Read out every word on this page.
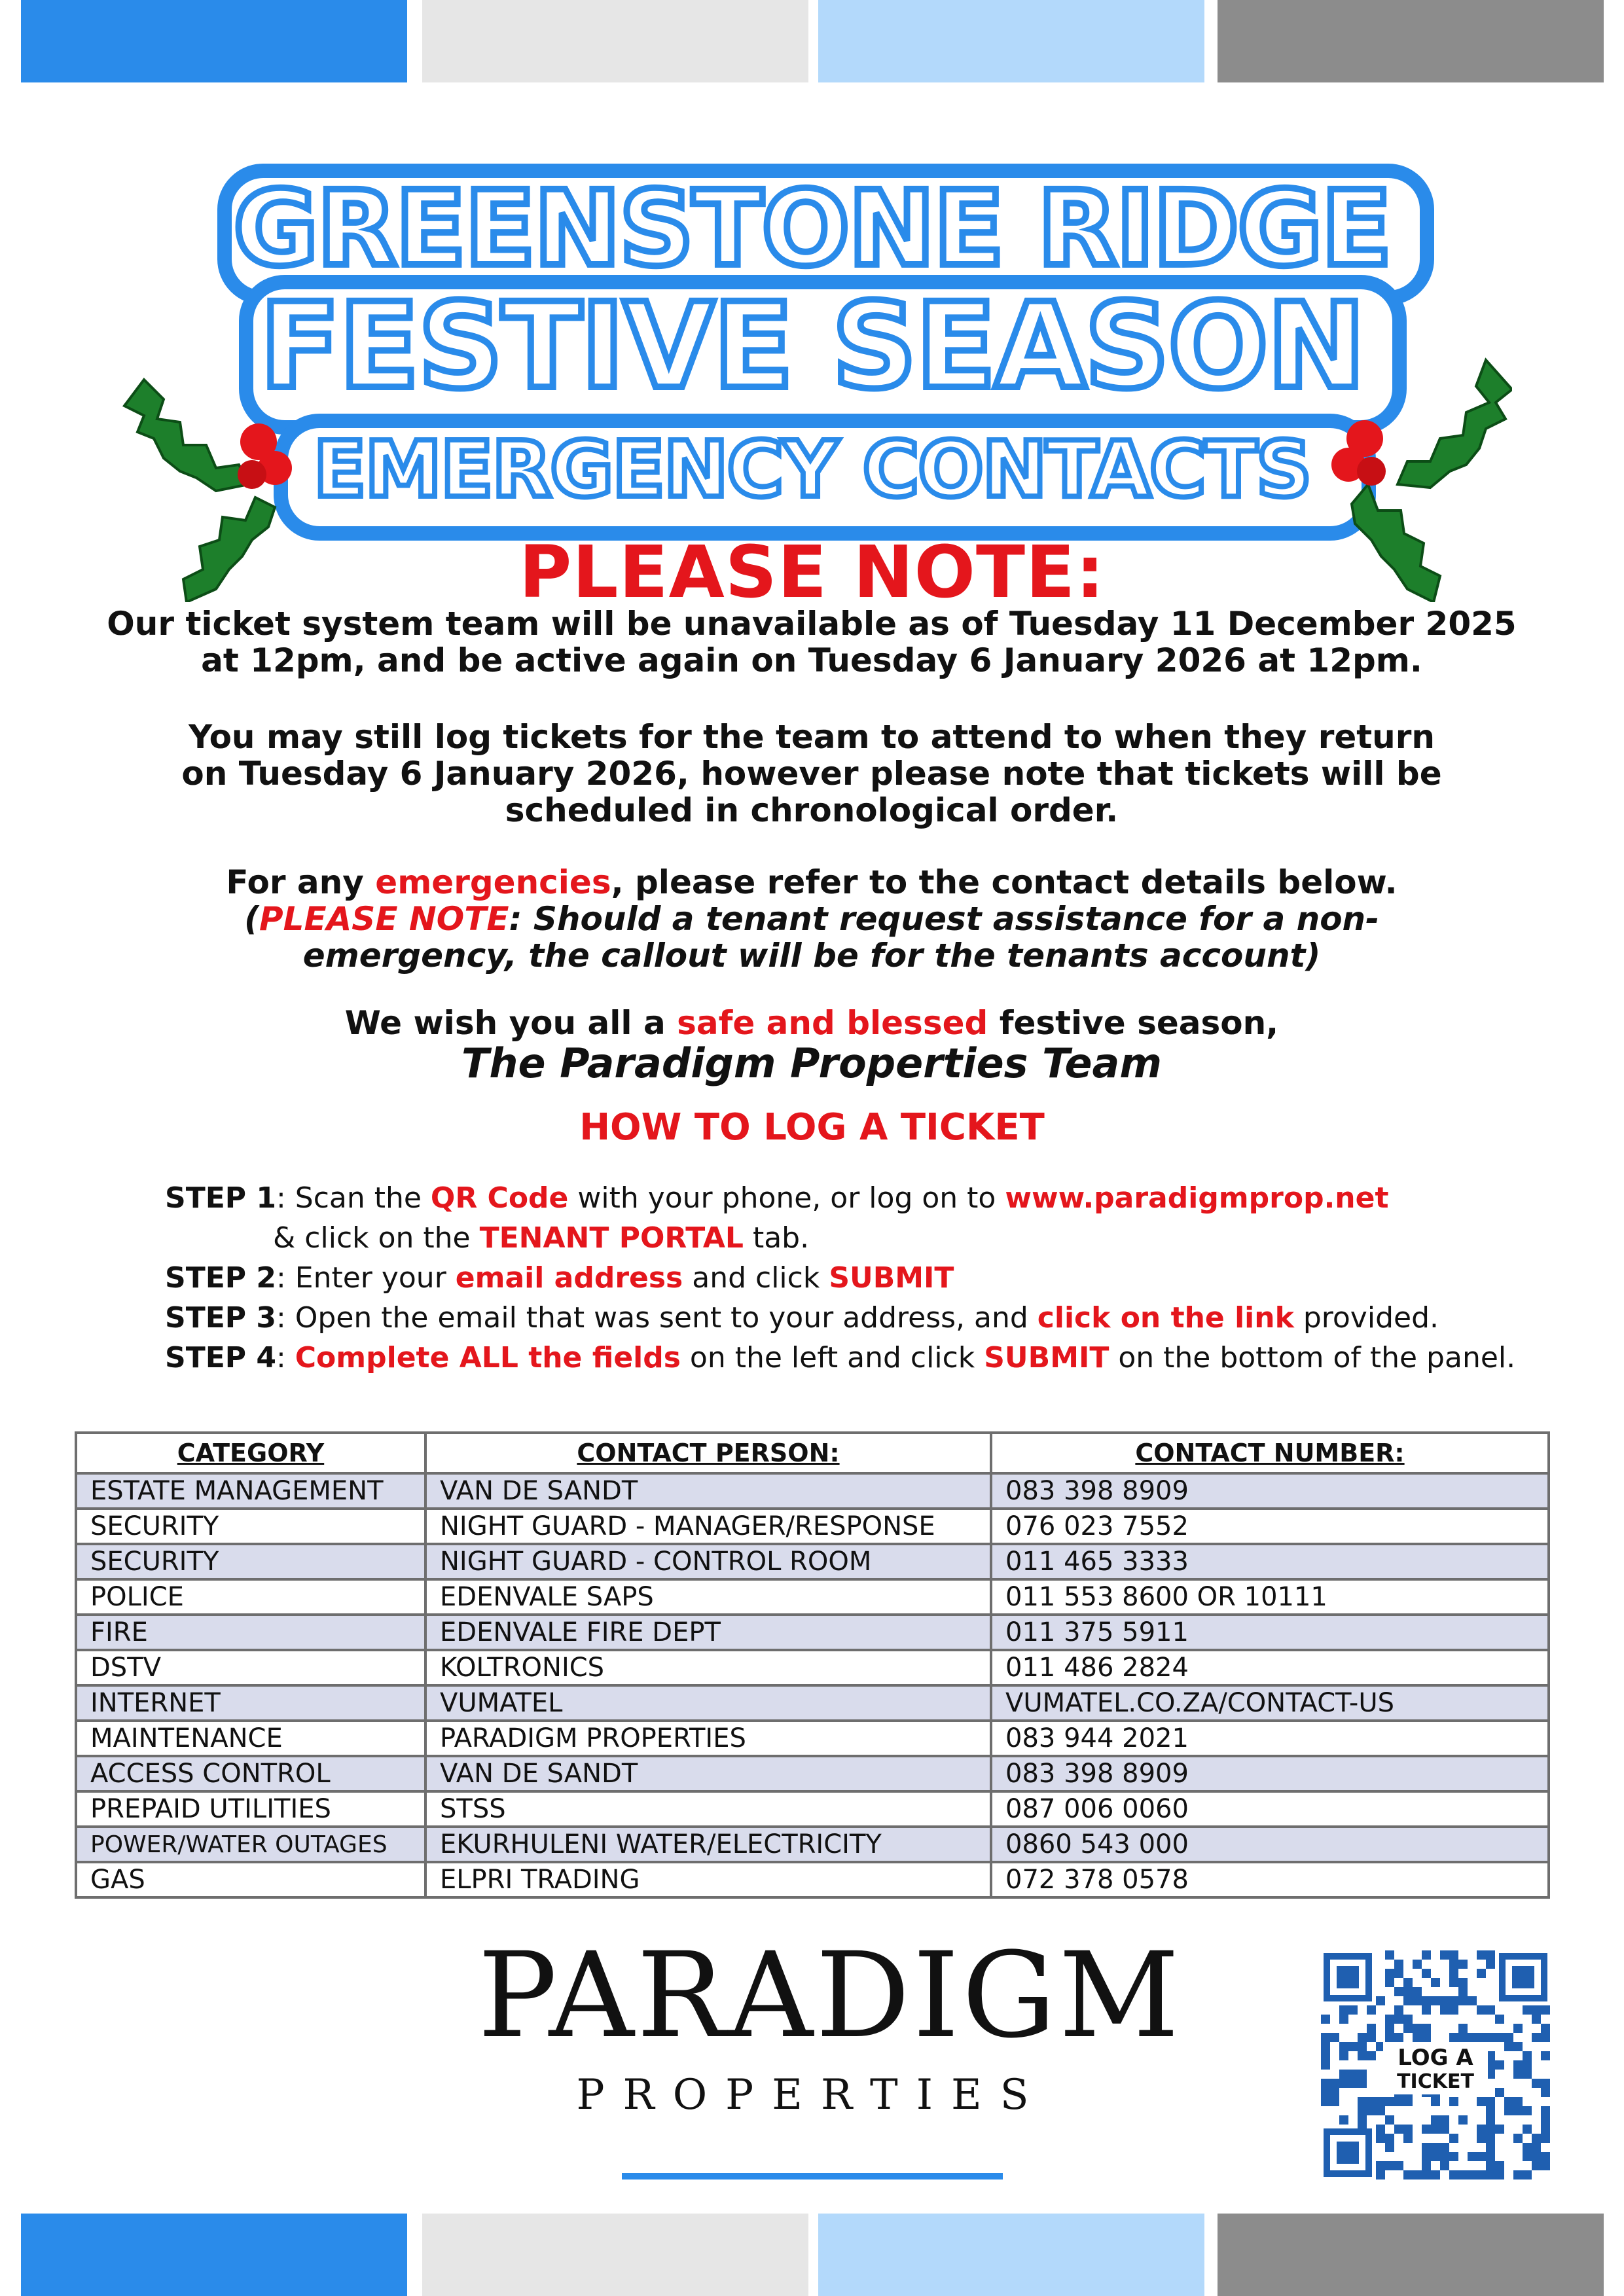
GREENSTONE RIDGE
FESTIVE SEASON
EMERGENCY CONTACTS
PLEASE NOTE:
Our ticket system team will be unavailable as of Tuesday 11 December 2025 at 12pm, and be active again on Tuesday 6 January 2026 at 12pm.
You may still log tickets for the team to attend to when they return on Tuesday 6 January 2026, however please note that tickets will be scheduled in chronological order.
For any emergencies, please refer to the contact details below.
(PLEASE NOTE: Should a tenant request assistance for a non-emergency, the callout will be for the tenants account)
We wish you all a safe and blessed festive season,
The Paradigm Properties Team
HOW TO LOG A TICKET
STEP 1: Scan the QR Code with your phone, or log on to www.paradigmprop.net
& click on the TENANT PORTAL tab.
STEP 2: Enter your email address and click SUBMIT
STEP 3: Open the email that was sent to your address, and click on the link provided.
STEP 4: Complete ALL the fields on the left and click SUBMIT on the bottom of the panel.
CATEGORY	CONTACT PERSON:	CONTACT NUMBER:
ESTATE MANAGEMENT	VAN DE SANDT	083 398 8909
SECURITY	NIGHT GUARD - MANAGER/RESPONSE	076 023 7552
SECURITY	NIGHT GUARD - CONTROL ROOM	011 465 3333
POLICE	EDENVALE SAPS	011 553 8600 OR 10111
FIRE	EDENVALE FIRE DEPT	011 375 5911
DSTV	KOLTRONICS	011 486 2824
INTERNET	VUMATEL	VUMATEL.CO.ZA/CONTACT-US
MAINTENANCE	PARADIGM PROPERTIES	083 944 2021
ACCESS CONTROL	VAN DE SANDT	083 398 8909
PREPAID UTILITIES	STSS	087 006 0060
POWER/WATER OUTAGES	EKURHULENI WATER/ELECTRICITY	0860 543 000
GAS	ELPRI TRADING	072 378 0578
PARADIGM
PROPERTIES
LOG A
TICKET
